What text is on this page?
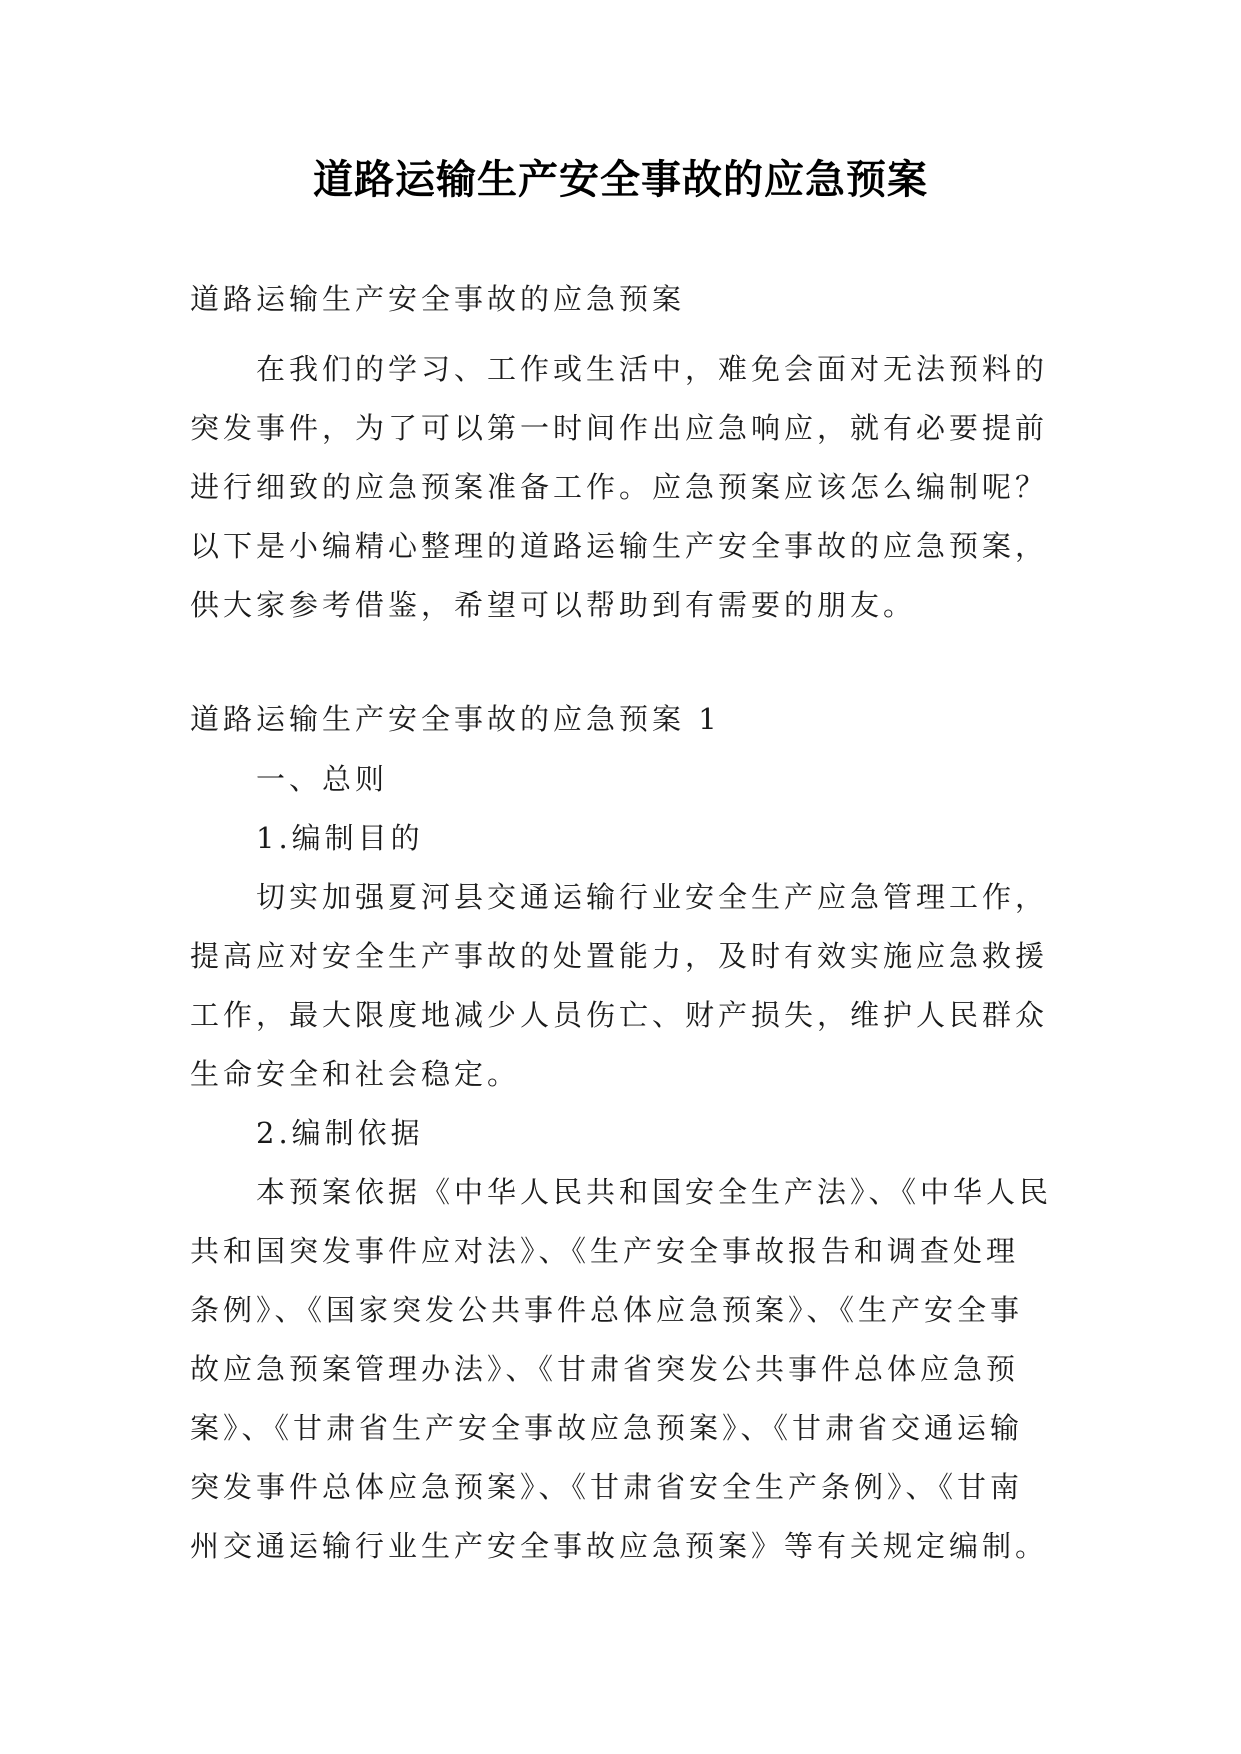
道路运输生产安全事故的应急预案
道路运输生产安全事故的应急预案
在我们的学习、工作或生活中，难免会面对无法预料的
突发事件，为了可以第一时间作出应急响应，就有必要提前
进行细致的应急预案准备工作。应急预案应该怎么编制呢？
以下是小编精心整理的道路运输生产安全事故的应急预案，
供大家参考借鉴，希望可以帮助到有需要的朋友。
道路运输生产安全事故的应急预案 1
一、总则
1.编制目的
切实加强夏河县交通运输行业安全生产应急管理工作，
提高应对安全生产事故的处置能力，及时有效实施应急救援
工作，最大限度地减少人员伤亡、财产损失，维护人民群众
生命安全和社会稳定。
2.编制依据
本预案依据《中华人民共和国安全生产法》、《中华人民
共和国突发事件应对法》、《生产安全事故报告和调查处理
条例》、《国家突发公共事件总体应急预案》、《生产安全事
故应急预案管理办法》、《甘肃省突发公共事件总体应急预
案》、《甘肃省生产安全事故应急预案》、《甘肃省交通运输
突发事件总体应急预案》、《甘肃省安全生产条例》、《甘南
州交通运输行业生产安全事故应急预案》等有关规定编制。
